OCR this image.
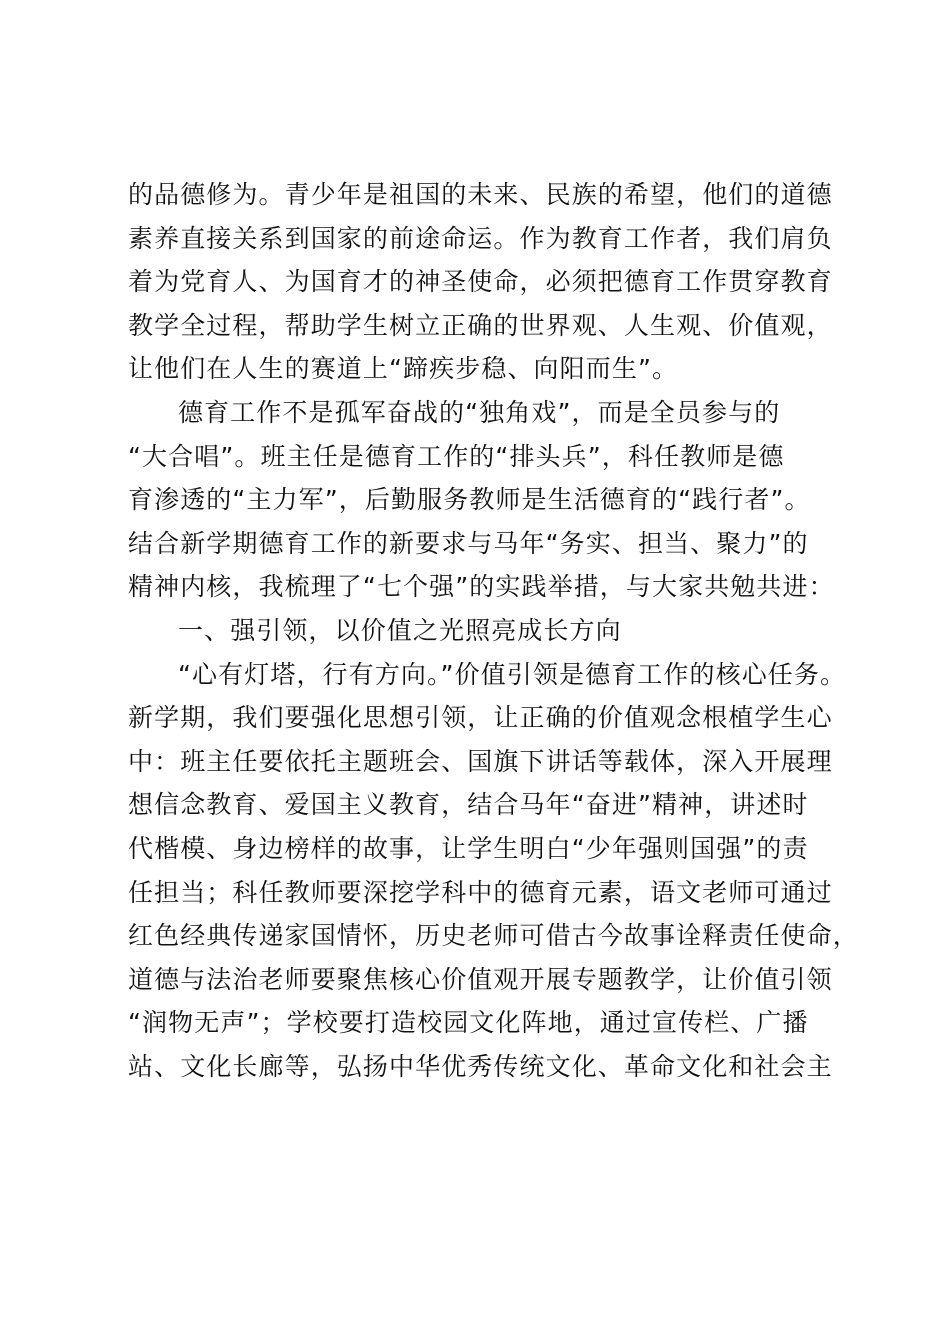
的品德修为。青少年是祖国的未来、民族的希望，他们的道德
素养直接关系到国家的前途命运。作为教育工作者，我们肩负
着为党育人、为国育才的神圣使命，必须把德育工作贯穿教育
教学全过程，帮助学生树立正确的世界观、人生观、价值观，
让他们在人生的赛道上“蹄疾步稳、向阳而生”。
德育工作不是孤军奋战的“独角戏”，而是全员参与的
“大合唱”。班主任是德育工作的“排头兵”，科任教师是德
育渗透的“主力军”，后勤服务教师是生活德育的“践行者”。
结合新学期德育工作的新要求与马年“务实、担当、聚力”的
精神内核，我梳理了“七个强”的实践举措，与大家共勉共进：
一、强引领，以价值之光照亮成长方向
“心有灯塔，行有方向。”价值引领是德育工作的核心任务。
新学期，我们要强化思想引领，让正确的价值观念根植学生心
中：班主任要依托主题班会、国旗下讲话等载体，深入开展理
想信念教育、爱国主义教育，结合马年“奋进”精神，讲述时
代楷模、身边榜样的故事，让学生明白“少年强则国强”的责
任担当；科任教师要深挖学科中的德育元素，语文老师可通过
红色经典传递家国情怀，历史老师可借古今故事诠释责任使命，
道德与法治老师要聚焦核心价值观开展专题教学，让价值引领
“润物无声”；学校要打造校园文化阵地，通过宣传栏、广播
站、文化长廊等，弘扬中华优秀传统文化、革命文化和社会主
